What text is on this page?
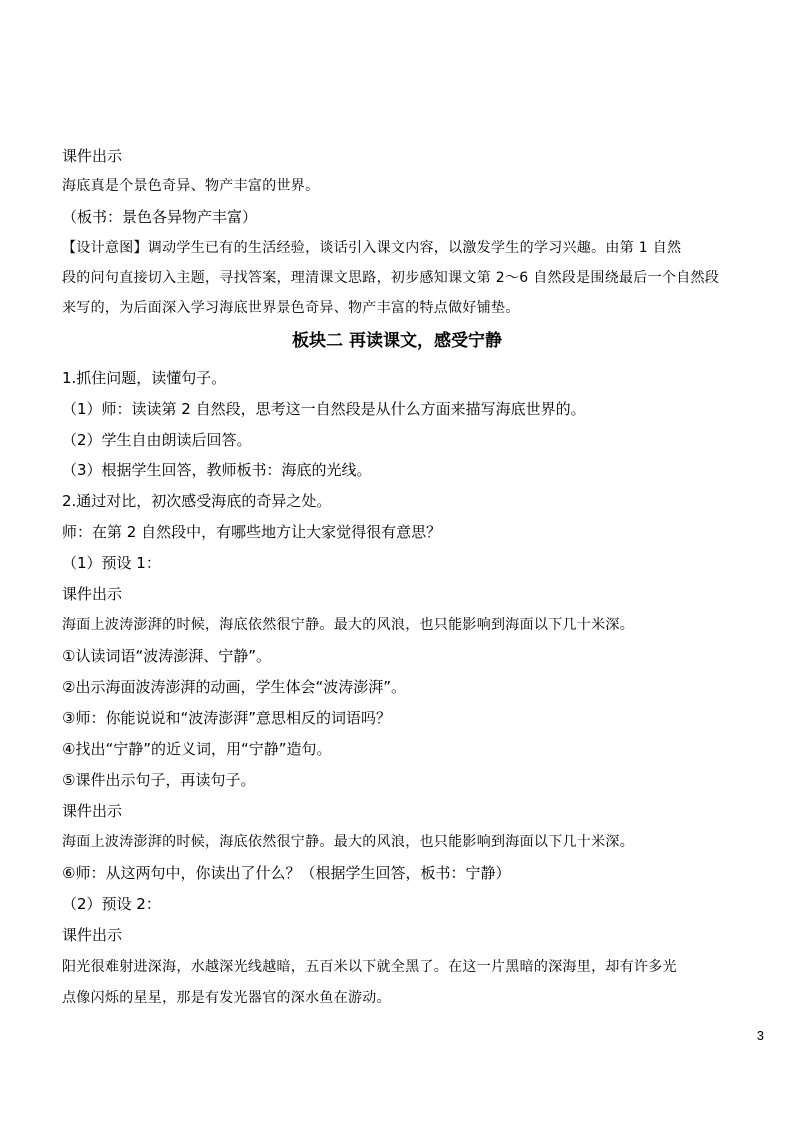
课件出示
海底真是个景色奇异、物产丰富的世界。
（板书：景色各异物产丰富）
【设计意图】调动学生已有的生活经验，谈话引入课文内容，以激发学生的学习兴趣。由第 1 自然
段的问句直接切入主题，寻找答案，理清课文思路，初步感知课文第 2～6 自然段是围绕最后一个自然段
来写的，为后面深入学习海底世界景色奇异、物产丰富的特点做好铺垫。
板块二 再读课文，感受宁静
1.抓住问题，读懂句子。
（1）师：读读第 2 自然段，思考这一自然段是从什么方面来描写海底世界的。
（2）学生自由朗读后回答。
（3）根据学生回答，教师板书：海底的光线。
2.通过对比，初次感受海底的奇异之处。
师：在第 2 自然段中，有哪些地方让大家觉得很有意思？
（1）预设 1：
课件出示
海面上波涛澎湃的时候，海底依然很宁静。最大的风浪，也只能影响到海面以下几十米深。
①认读词语“波涛澎湃、宁静”。
②出示海面波涛澎湃的动画，学生体会“波涛澎湃”。
③师：你能说说和“波涛澎湃”意思相反的词语吗？
④找出“宁静”的近义词，用“宁静”造句。
⑤课件出示句子，再读句子。
课件出示
海面上波涛澎湃的时候，海底依然很宁静。最大的风浪，也只能影响到海面以下几十米深。
⑥师：从这两句中，你读出了什么？（根据学生回答，板书：宁静）
（2）预设 2：
课件出示
阳光很难射进深海，水越深光线越暗，五百米以下就全黑了。在这一片黑暗的深海里，却有许多光
点像闪烁的星星，那是有发光器官的深水鱼在游动。
3
